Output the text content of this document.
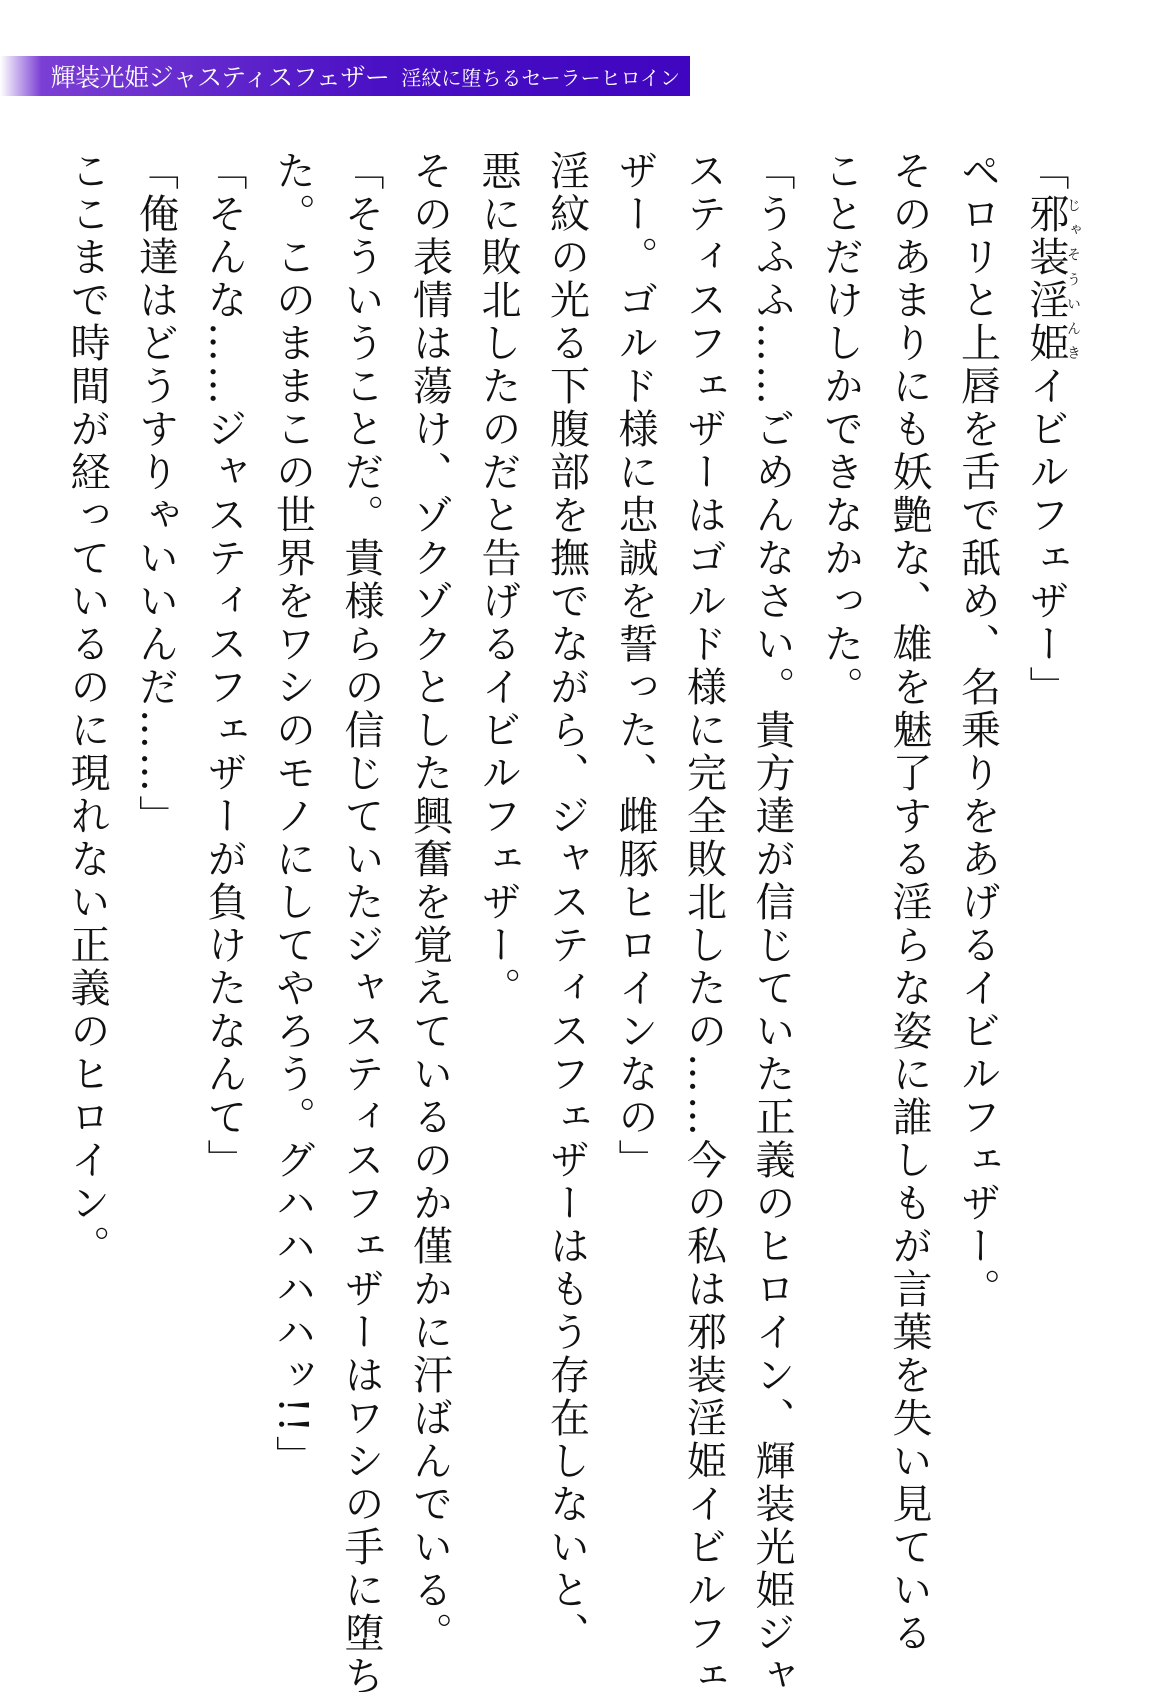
輝装光姫ジャスティスフェザー 淫紋に堕ちるセーラーヒロイン
「邪装淫姫じゃそういんきイビルフェザー」
ペロリと上唇を舌で舐め、名乗りをあげるイビルフェザー。
そのあまりにも妖艶な、雄を魅了する淫らな姿に誰しもが言葉を失い見ている
ことだけしかできなかった。
「うふふ……ごめんなさい。貴方達が信じていた正義のヒロイン、輝装光姫ジャ
スティスフェザーはゴルド様に完全敗北したの……今の私は邪装淫姫イビルフェ
ザー。ゴルド様に忠誠を誓った、雌豚ヒロインなの」
淫紋の光る下腹部を撫でながら、ジャスティスフェザーはもう存在しないと、
悪に敗北したのだと告げるイビルフェザー。
その表情は蕩け、ゾクゾクとした興奮を覚えているのか僅かに汗ばんでいる。
「そういうことだ。貴様らの信じていたジャスティスフェザーはワシの手に堕ち
た。このままこの世界をワシのモノにしてやろう。グハハハハッ!!」
「そんな……ジャスティスフェザーが負けたなんて」
「俺達はどうすりゃいいんだ……」
ここまで時間が経っているのに現れない正義のヒロイン。
